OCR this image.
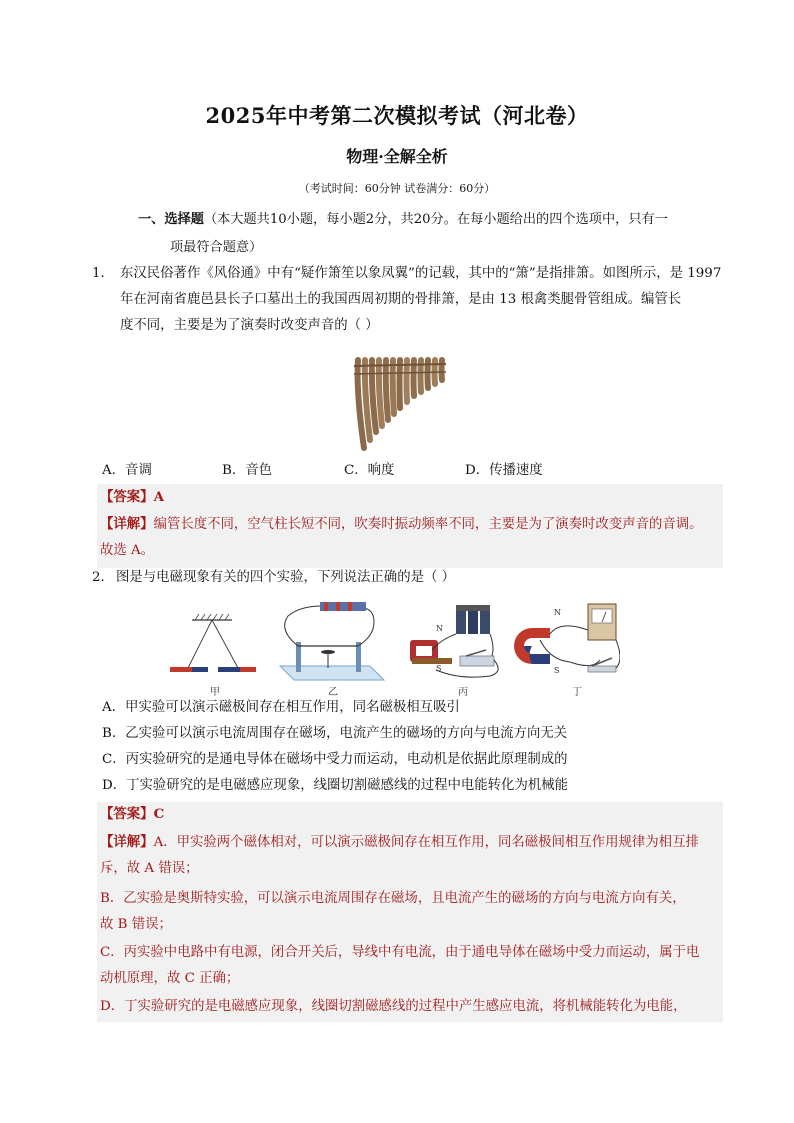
2025年中考第二次模拟考试（河北卷）
物理·全解全析
（考试时间：60分钟 试卷满分：60分）
一、选择题（本大题共10小题，每小题2分，共20分。在每小题给出的四个选项中，只有一
项最符合题意）
1． 东汉民俗著作《风俗通》中有“疑作箫笙以象凤翼”的记载，其中的“箫”是指排箫。如图所示，是 1997
年在河南省鹿邑县长子口墓出土的我国西周初期的骨排箫，是由 13 根禽类腿骨管组成。编管长
度不同，主要是为了演奏时改变声音的（ ）
A．音调	B．音色	C．响度	D．传播速度
【答案】A
【详解】编管长度不同，空气柱长短不同，吹奏时振动频率不同，主要是为了演奏时改变声音的音调。
故选 A。
2． 图是与电磁现象有关的四个实验，下列说法正确的是（ ）
甲	乙	丙	丁
N
S
N
S
A．甲实验可以演示磁极间存在相互作用，同名磁极相互吸引
B．乙实验可以演示电流周围存在磁场，电流产生的磁场的方向与电流方向无关
C．丙实验研究的是通电导体在磁场中受力而运动，电动机是依据此原理制成的
D．丁实验研究的是电磁感应现象，线圈切割磁感线的过程中电能转化为机械能
【答案】C
【详解】A．甲实验两个磁体相对，可以演示磁极间存在相互作用，同名磁极间相互作用规律为相互排
斥，故 A 错误；
B．乙实验是奥斯特实验，可以演示电流周围存在磁场，且电流产生的磁场的方向与电流方向有关，
故 B 错误；
C．丙实验中电路中有电源，闭合开关后，导线中有电流，由于通电导体在磁场中受力而运动，属于电
动机原理，故 C 正确；
D．丁实验研究的是电磁感应现象，线圈切割磁感线的过程中产生感应电流，将机械能转化为电能，
